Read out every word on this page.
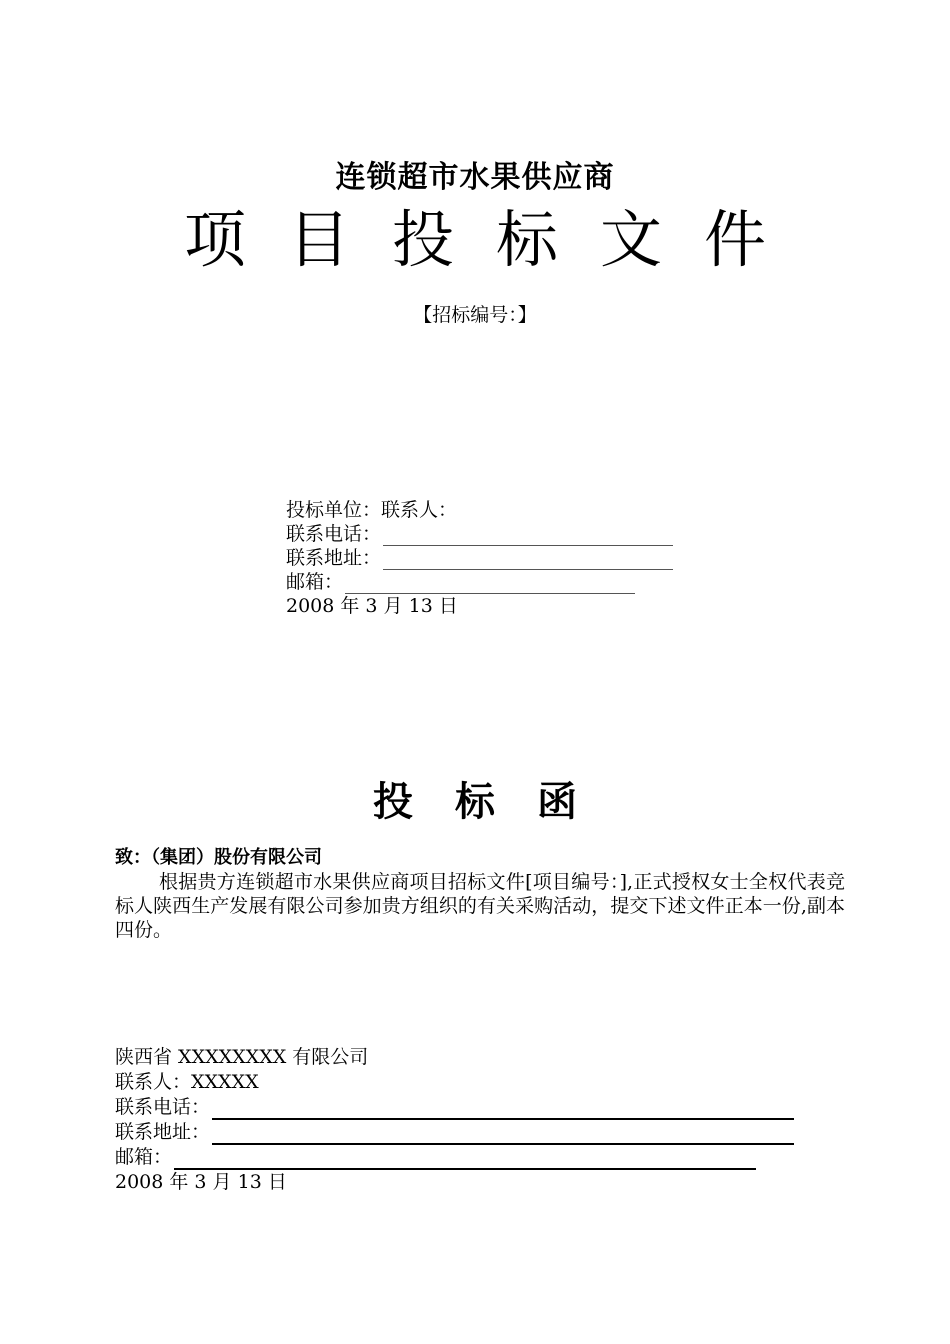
连锁超市水果供应商
项目投标文件
【招标编号：】
投标单位：联系人：
联系电话：
联系地址：
邮箱：
2008 年 3 月 13 日
投标函
致：（集团）股份有限公司
根据贵方连锁超市水果供应商项目招标文件[项目编号：],正式授权女士全权代表竞标人陕西生产发展有限公司参加贵方组织的有关采购活动，提交下述文件正本一份,副本四份。
陕西省 XXXXXXXX 有限公司
联系人：XXXXX
联系电话：
联系地址：
邮箱：
2008 年 3 月 13 日
